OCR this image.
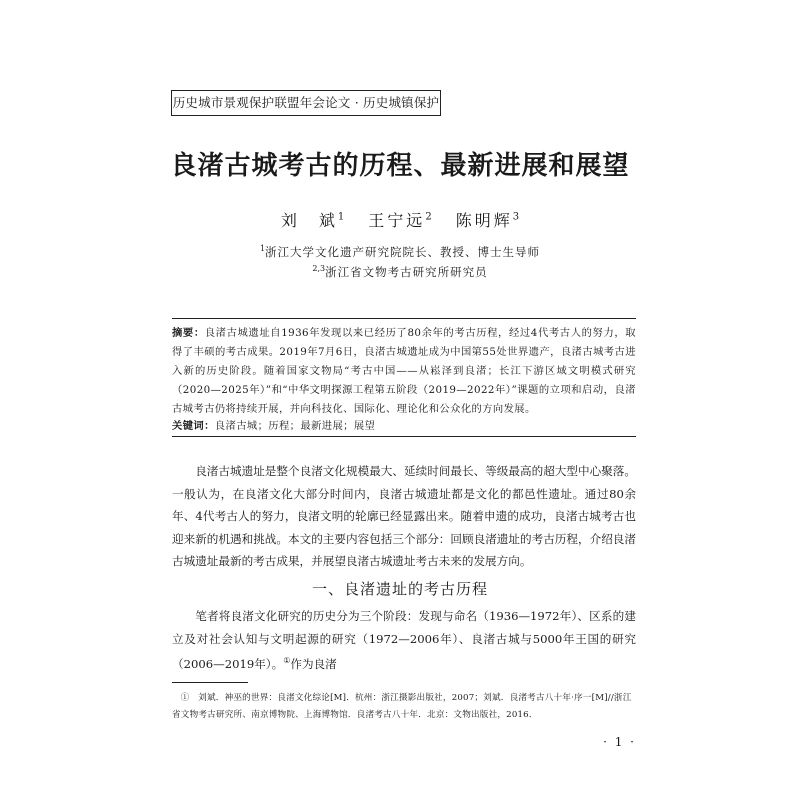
历史城市景观保护联盟年会论文 · 历史城镇保护
良渚古城考古的历程、最新进展和展望
刘　斌$^1$ 王宁远$^2$ 陈明辉$^3$
$^1$浙江大学文化遗产研究院院长、教授、博士生导师
$^{2,3}$浙江省文物考古研究所研究员
摘要：良渚古城遗址自1936年发现以来已经历了80余年的考古历程，经过4代考古人的努力，取得了丰硕的考古成果。2019年7月6日，良渚古城遗址成为中国第55处世界遗产，良渚古城考古进入新的历史阶段。随着国家文物局“考古中国——从崧泽到良渚；长江下游区域文明模式研究（2020—2025年）”和“中华文明探源工程第五阶段（2019—2022年）”课题的立项和启动，良渚古城考古仍将持续开展，并向科技化、国际化、理论化和公众化的方向发展。
关键词：良渚古城；历程；最新进展；展望

良渚古城遗址是整个良渚文化规模最大、延续时间最长、等级最高的超大型中心聚落。一般认为，在良渚文化大部分时间内，良渚古城遗址都是文化的都邑性遗址。通过80余年、4代考古人的努力，良渚文明的轮廓已经显露出来。随着申遗的成功，良渚古城考古也迎来新的机遇和挑战。本文的主要内容包括三个部分：回顾良渚遗址的考古历程，介绍良渚古城遗址最新的考古成果，并展望良渚古城遗址考古未来的发展方向。

一、良渚遗址的考古历程

笔者将良渚文化研究的历史分为三个阶段：发现与命名（1936—1972年）、区系的建立及对社会认知与文明起源的研究（1972—2006年）、良渚古城与5000年王国的研究（2006—2019年）。①作为良渚

①　刘斌．神巫的世界：良渚文化综论[M]．杭州：浙江摄影出版社，2007；刘斌．良渚考古八十年·序一[M]//浙江省文物考古研究所、南京博物院、上海博物馆．良渚考古八十年．北京：文物出版社，2016．
· 1 ·
